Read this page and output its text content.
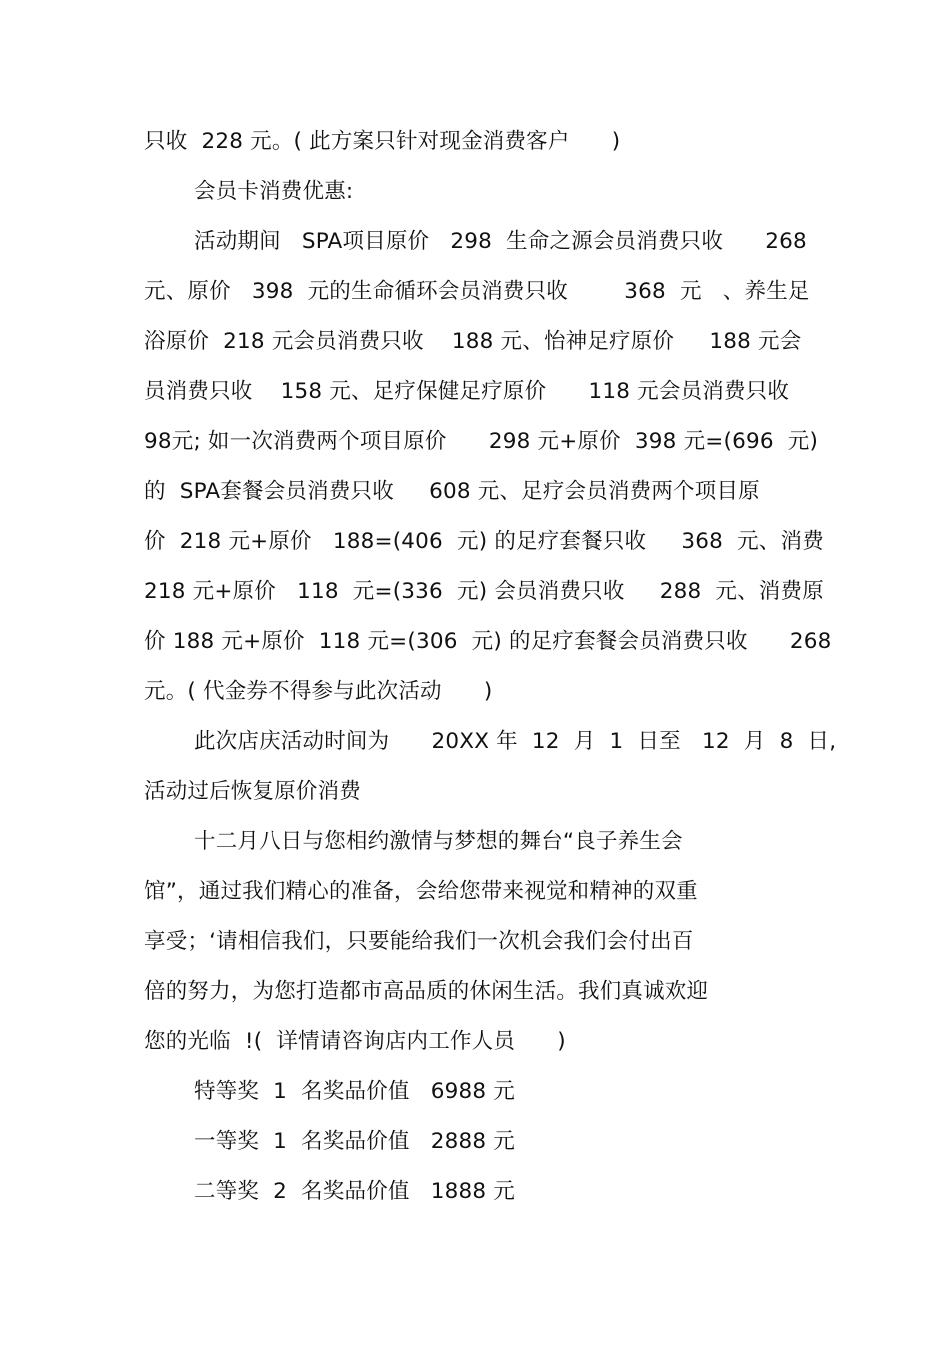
只收  228 元。( 此方案只针对现金消费客户      )
会员卡消费优惠:
活动期间   SPA项目原价   298  生命之源会员消费只收      268
元、原价   398  元的生命循环会员消费只收        368  元   、养生足
浴原价  218 元会员消费只收    188 元、怡神足疗原价     188 元会
员消费只收    158 元、足疗保健足疗原价      118 元会员消费只收
98元; 如一次消费两个项目原价      298 元+原价  398 元=(696  元)
的  SPA套餐会员消费只收     608 元、足疗会员消费两个项目原
价  218 元+原价   188=(406  元) 的足疗套餐只收     368  元、消费
218 元+原价   118  元=(336  元) 会员消费只收     288  元、消费原
价 188 元+原价  118 元=(306  元) 的足疗套餐会员消费只收      268
元。( 代金券不得参与此次活动      )
此次店庆活动时间为      20XX 年  12  月  1  日至   12  月  8  日,
活动过后恢复原价消费
十二月八日与您相约激情与梦想的舞台“良子养生会
馆”，通过我们精心的准备，会给您带来视觉和精神的双重
享受；‘请相信我们，只要能给我们一次机会我们会付出百
倍的努力，为您打造都市高品质的休闲生活。我们真诚欢迎
您的光临  !(  详情请咨询店内工作人员      )
特等奖  1  名奖品价值   6988 元
一等奖  1  名奖品价值   2888 元
二等奖  2  名奖品价值   1888 元
